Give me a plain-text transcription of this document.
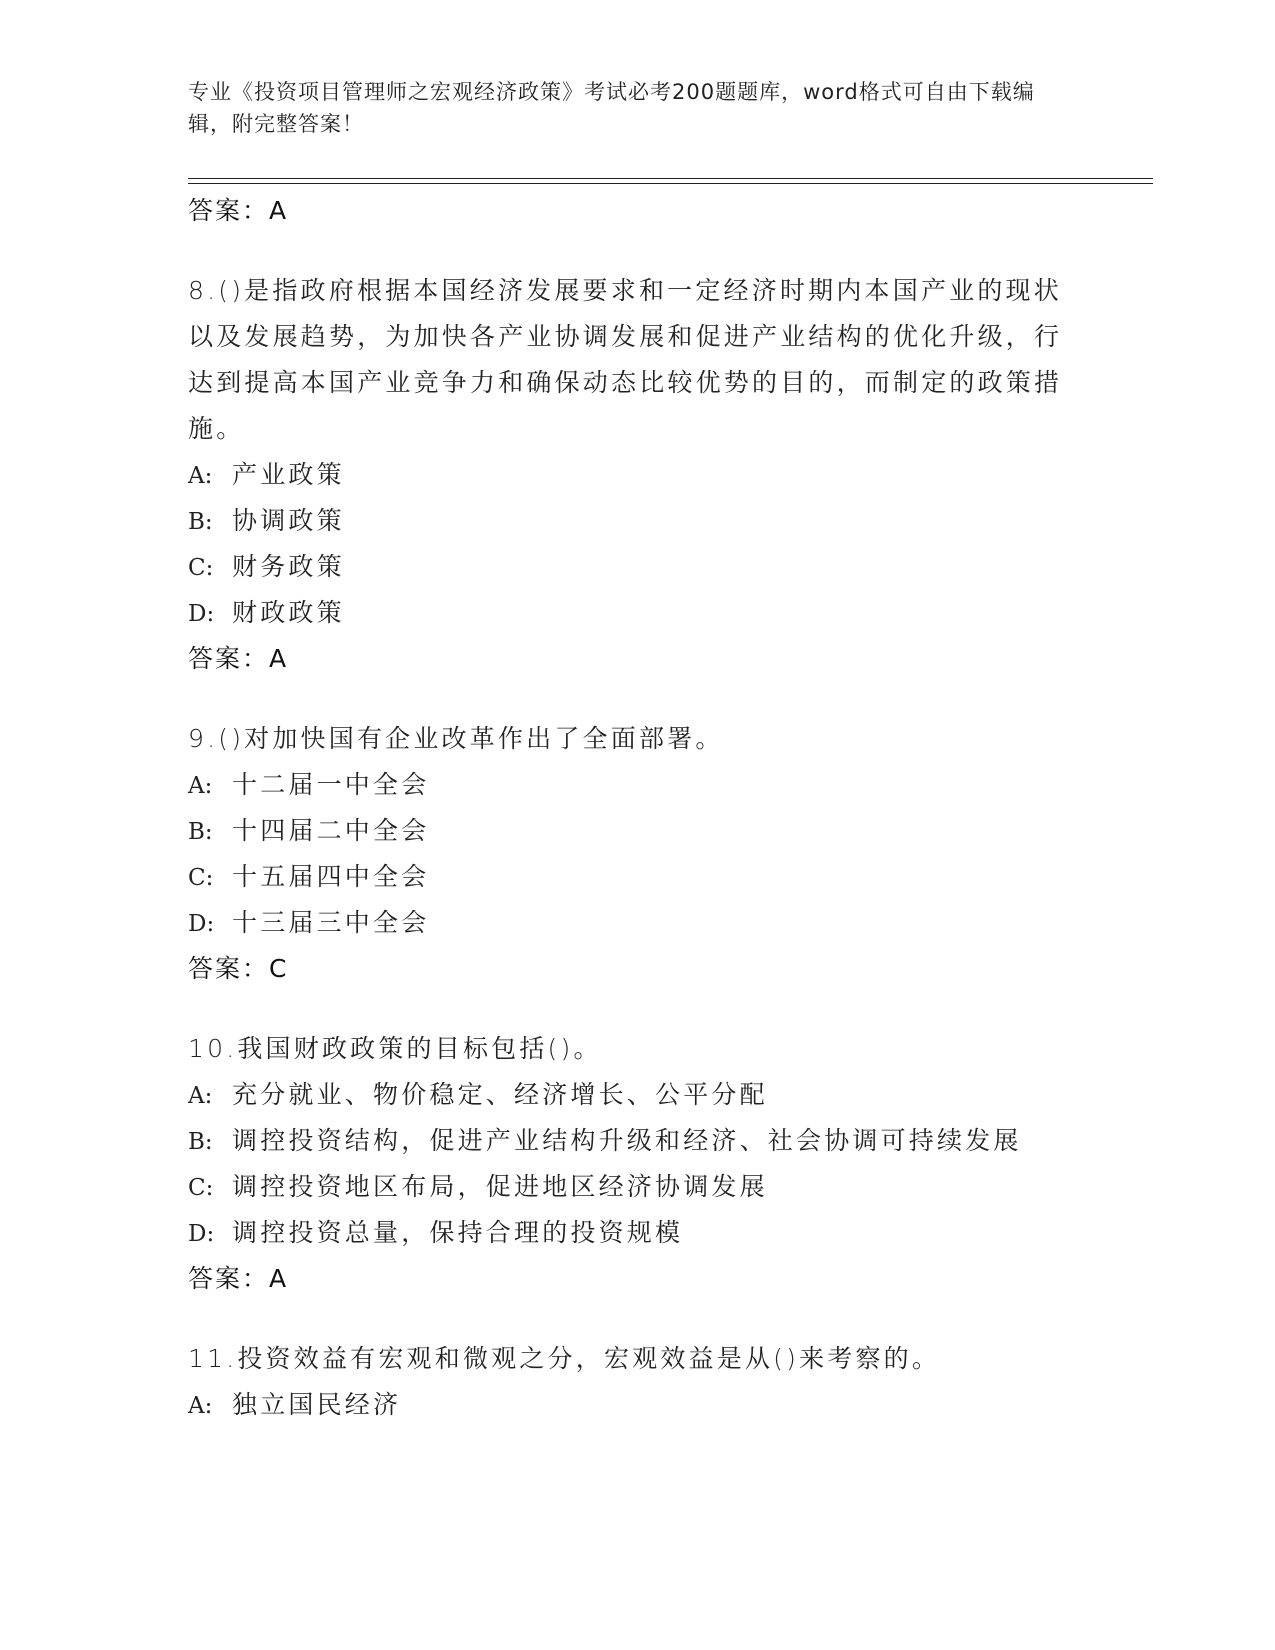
专业《投资项目管理师之宏观经济政策》考试必考200题题库，word格式可自由下载编辑，附完整答案！
答案：A
8.()是指政府根据本国经济发展要求和一定经济时期内本国产业的现状以及发展趋势，为加快各产业协调发展和促进产业结构的优化升级，行达到提高本国产业竞争力和确保动态比较优势的目的，而制定的政策措施。
A: 产业政策
B: 协调政策
C: 财务政策
D: 财政政策
答案：A
9.()对加快国有企业改革作出了全面部署。
A: 十二届一中全会
B: 十四届二中全会
C: 十五届四中全会
D: 十三届三中全会
答案：C
10.我国财政政策的目标包括()。
A: 充分就业、物价稳定、经济增长、公平分配
B: 调控投资结构，促进产业结构升级和经济、社会协调可持续发展
C: 调控投资地区布局，促进地区经济协调发展
D: 调控投资总量，保持合理的投资规模
答案：A
11.投资效益有宏观和微观之分，宏观效益是从()来考察的。
A: 独立国民经济
